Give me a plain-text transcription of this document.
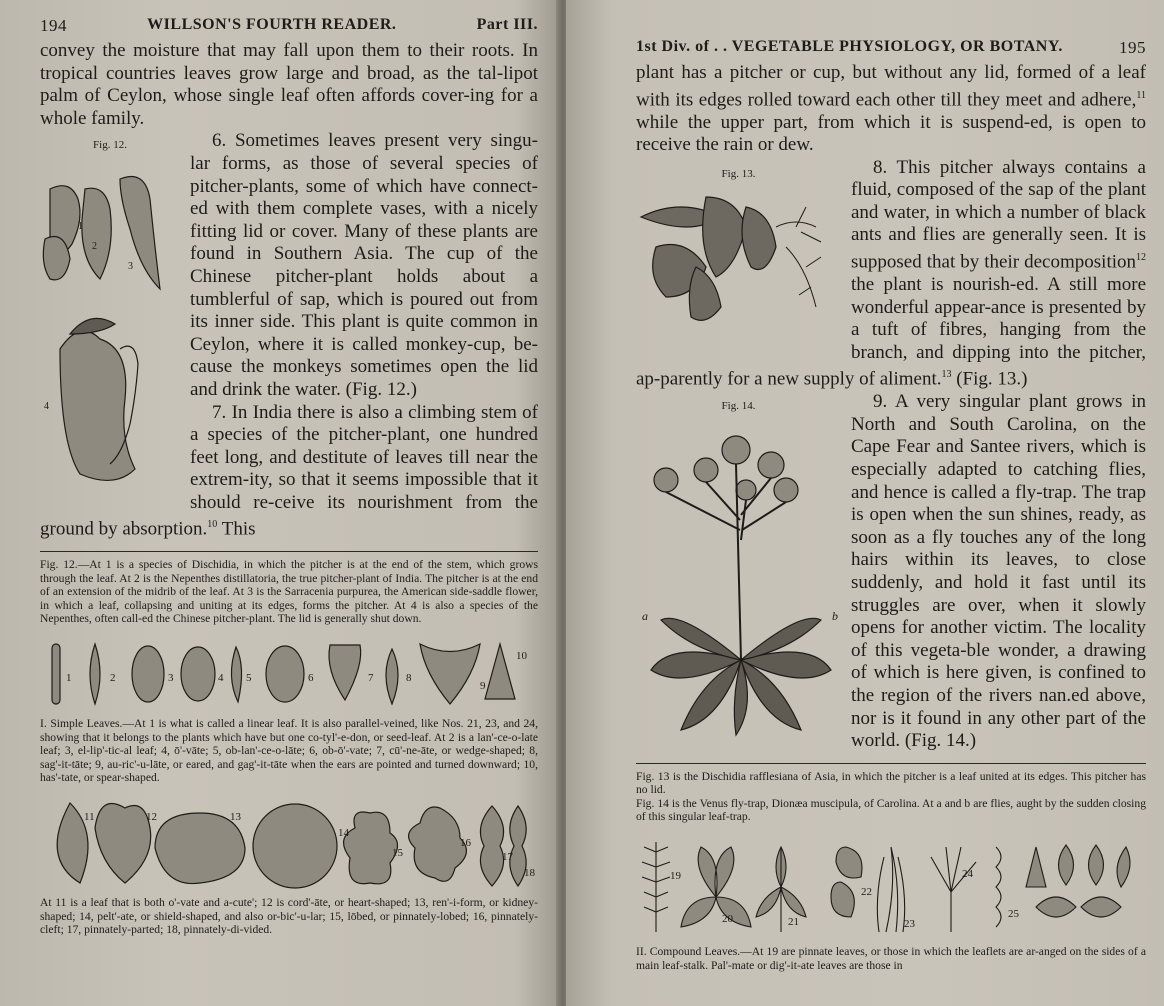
194	WILLSON'S FOURTH READER.	Part III.

convey the moisture that may fall upon them to their roots. In tropical countries leaves grow large and broad, as the tal-lipot palm of Ceylon, whose single leaf often affords cover-ing for a whole family.

Fig. 12.
1
2
3
4

6. Sometimes leaves present very singu-lar forms, as those of several species of pitcher-plants, some of which have connect-ed with them complete vases, with a nicely fitting lid or cover. Many of these plants are found in Southern Asia. The cup of the Chinese pitcher-plant holds about a tumblerful of sap, which is poured out from its inner side. This plant is quite common in Ceylon, where it is called monkey-cup, be-cause the monkeys sometimes open the lid and drink the water. (Fig. 12.)

7. In India there is also a climbing stem of a species of the pitcher-plant, one hundred feet long, and destitute of leaves till near the extrem-ity, so that it seems impossible that it should re-ceive its nourishment from the ground by absorption.$^{10}$ This

Fig. 12.—At 1 is a species of Dischidia, in which the pitcher is at the end of the stem, which grows through the leaf. At 2 is the Nepenthes distillatoria, the true pitcher-plant of India. The pitcher is at the end of an extension of the midrib of the leaf. At 3 is the Sarracenia purpurea, the American side-saddle flower, in which a leaf, collapsing and uniting at its edges, forms the pitcher. At 4 is also a species of the Nepenthes, often call-ed the Chinese pitcher-plant. The lid is generally shut down.

1	2	3	4 5	6	7	8
9
10

I. Simple Leaves.—At 1 is what is called a linear leaf. It is also parallel-veined, like Nos. 21, 23, and 24, showing that it belongs to the plants which have but one co-tyl'-e-don, or seed-leaf. At 2 is a lan'-ce-o-late leaf; 3, el-lip'-tic-al leaf; 4, ō'-vāte; 5, ob-lan'-ce-o-lāte; 6, ob-ō'-vate; 7, cū'-ne-āte, or wedge-shaped; 8, sag'-it-tāte; 9, au-ric'-u-lāte, or eared, and gag'-it-tāte when the ears are pointed and turned downward; 10, has'-tate, or spear-shaped.

11	12	13
14
15
16
17
18

At 11 is a leaf that is both o'-vate and a-cute'; 12 is cord'-āte, or heart-shaped; 13, ren'-i-form, or kidney-shaped; 14, pelt'-ate, or shield-shaped, and also or-bic'-u-lar; 15, lōbed, or pinnately-lobed; 16, pinnately-cleft; 17, pinnately-parted; 18, pinnately-di-vided.

1st Div. of . . VEGETABLE PHYSIOLOGY, OR BOTANY.	195

plant has a pitcher or cup, but without any lid, formed of a leaf with its edges rolled toward each other till they meet and adhere,$^{11}$ while the upper part, from which it is suspend-ed, is open to receive the rain or dew.

Fig. 13.	8. This pitcher always contains a fluid, composed of the sap of the plant and water, in which a number of black ants and flies are generally seen. It is supposed that by their decomposition$^{12}$ the plant is nourish-ed. A still more wonderful appear-ance is presented by a tuft of fibres, hanging from the branch, and dipping into the pitcher, ap-parently for a new supply of aliment.$^{13}$ (Fig. 13.)

Fig. 14.
a	b

9. A very singular plant grows in North and South Carolina, on the Cape Fear and Santee rivers, which is especially adapted to catching flies, and hence is called a fly-trap. The trap is open when the sun shines, ready, as soon as a fly touches any of the long hairs within its leaves, to close suddenly, and hold it fast until its struggles are over, when it slowly opens for another victim. The locality of this vegeta-ble wonder, a drawing of which is here given, is confined to the region of the rivers nan.ed above, nor is it found in any other part of the world. (Fig. 14.)

Fig. 13 is the Dischidia rafflesiana of Asia, in which the pitcher is a leaf united at its edges. This pitcher has no lid.

Fig. 14 is the Venus fly-trap, Dionæa muscipula, of Carolina. At a and b are flies, aught by the sudden closing of this singular leaf-trap.

19
20	21
22
23
24
25

II. Compound Leaves.—At 19 are pinnate leaves, or those in which the leaflets are ar-anged on the sides of a main leaf-stalk. Pal'-mate or dig'-it-ate leaves are those in
